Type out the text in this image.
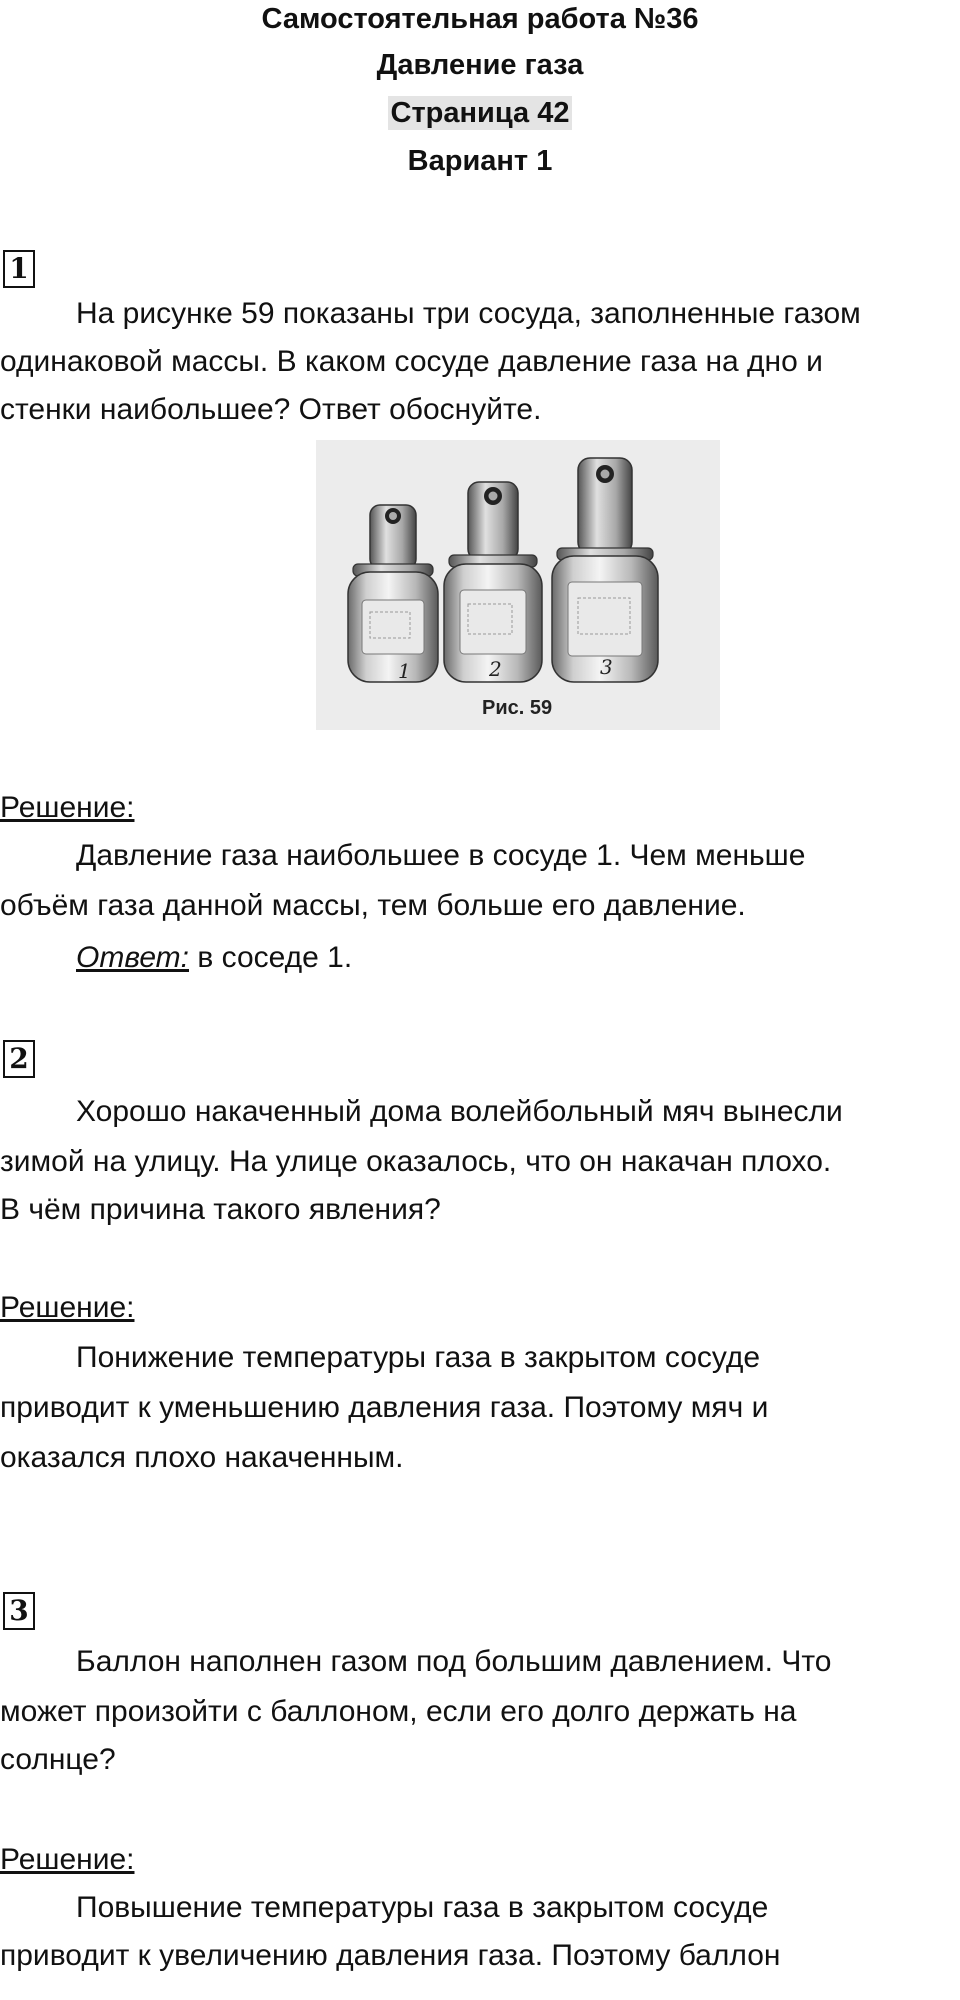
Самостоятельная работа №36
Давление газа
Страница 42
Вариант 1
1
На рисунке 59 показаны три сосуда, заполненные газом
одинаковой массы. В каком сосуде давление газа на дно и
стенки наибольшее? Ответ обоснуйте.
1	2	3
Рис. 59
Решение:
Давление газа наибольшее в сосуде 1. Чем меньше
объём газа данной массы, тем больше его давление.
Ответ: в соседе 1.
2
Хорошо накаченный дома волейбольный мяч вынесли
зимой на улицу. На улице оказалось, что он накачан плохо.
В чём причина такого явления?
Решение:
Понижение температуры газа в закрытом сосуде
приводит к уменьшению давления газа. Поэтому мяч и
оказался плохо накаченным.
3
Баллон наполнен газом под большим давлением. Что
может произойти с баллоном, если его долго держать на
солнце?
Решение:
Повышение температуры газа в закрытом сосуде
приводит к увеличению давления газа. Поэтому баллон
